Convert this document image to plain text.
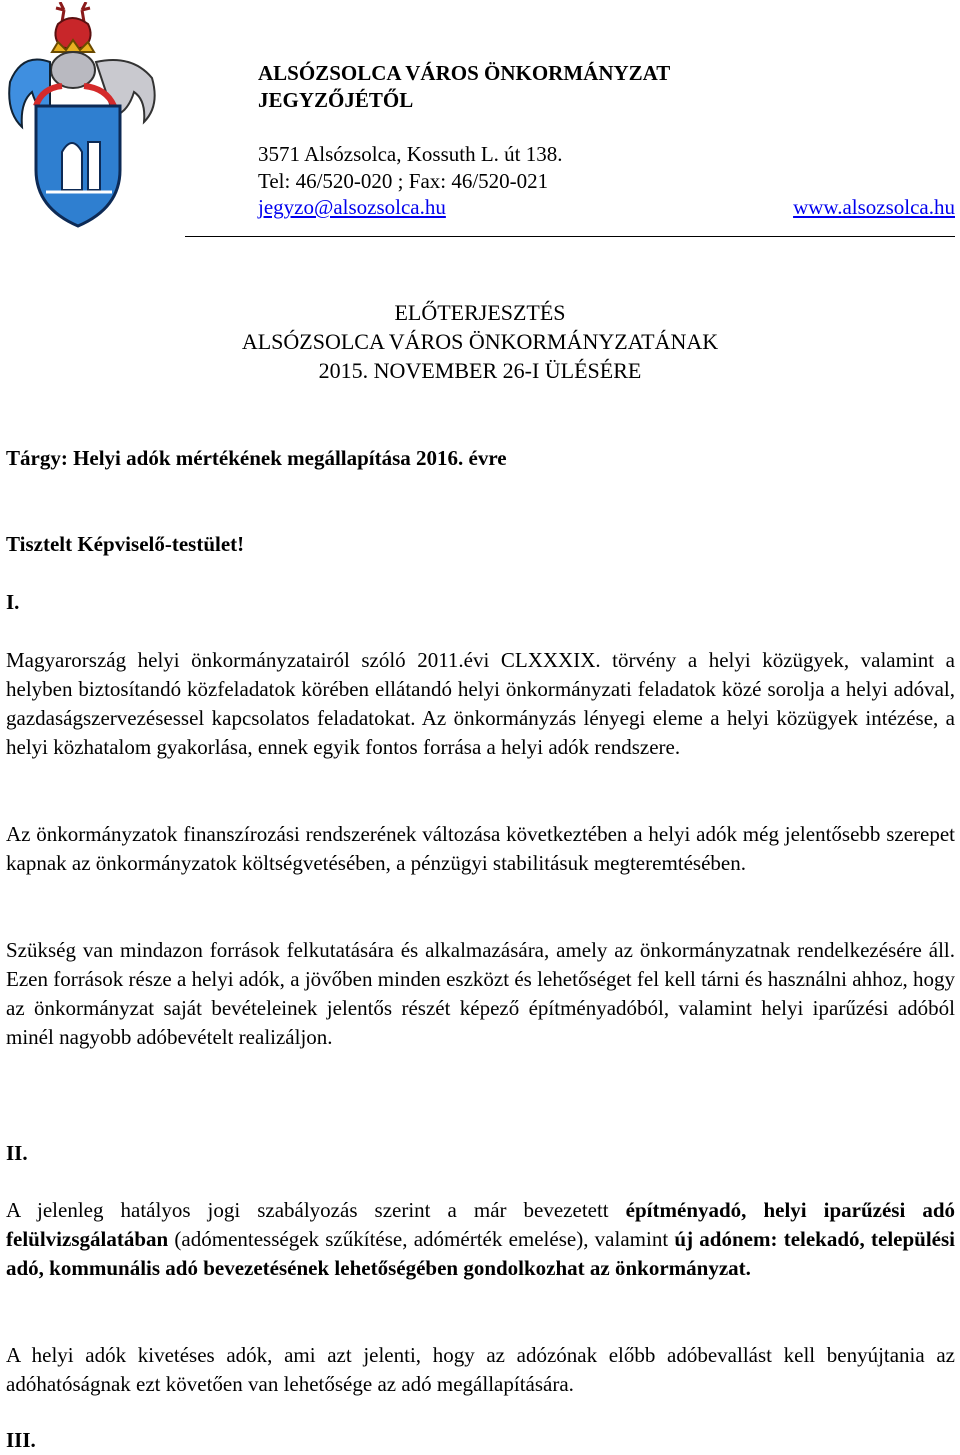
ALSÓZSOLCA VÁROS ÖNKORMÁNYZAT
JEGYZŐJÉTŐL
3571 Alsózsolca, Kossuth L. út 138.
Tel: 46/520-020 ; Fax: 46/520-021
jegyzo@alsozsolca.hu	www.alsozsolca.hu
ELŐTERJESZTÉS
ALSÓZSOLCA VÁROS ÖNKORMÁNYZATÁNAK
2015. NOVEMBER 26-I ÜLÉSÉRE
Tárgy: Helyi adók mértékének megállapítása 2016. évre
Tisztelt Képviselő-testület!
I.
Magyarország helyi önkormányzatairól szóló 2011.évi CLXXXIX. törvény a helyi közügyek, valamint a helyben biztosítandó közfeladatok körében ellátandó helyi önkormányzati feladatok közé sorolja a helyi adóval, gazdaságszervezésessel kapcsolatos feladatokat. Az önkormányzás lényegi eleme a helyi közügyek intézése, a helyi közhatalom gyakorlása, ennek egyik fontos forrása a helyi adók rendszere.
Az önkormányzatok finanszírozási rendszerének változása következtében a helyi adók még jelentősebb szerepet kapnak az önkormányzatok költségvetésében, a pénzügyi stabilitásuk megteremtésében.
Szükség van mindazon források felkutatására és alkalmazására, amely az önkormányzatnak rendelkezésére áll. Ezen források része a helyi adók, a jövőben minden eszközt és lehetőséget fel kell tárni és használni ahhoz, hogy az önkormányzat saját bevételeinek jelentős részét képező építményadóból, valamint helyi iparűzési adóból minél nagyobb adóbevételt realizáljon.
II.
A jelenleg hatályos jogi szabályozás szerint a már bevezetett építményadó, helyi iparűzési adó felülvizsgálatában (adómentességek szűkítése, adómérték emelése), valamint új adónem: telekadó, települési adó, kommunális adó bevezetésének lehetőségében gondolkozhat az önkormányzat.
A helyi adók kivetéses adók, ami azt jelenti, hogy az adózónak előbb adóbevallást kell benyújtania az adóhatóságnak ezt követően van lehetősége az adó megállapítására.
III.
